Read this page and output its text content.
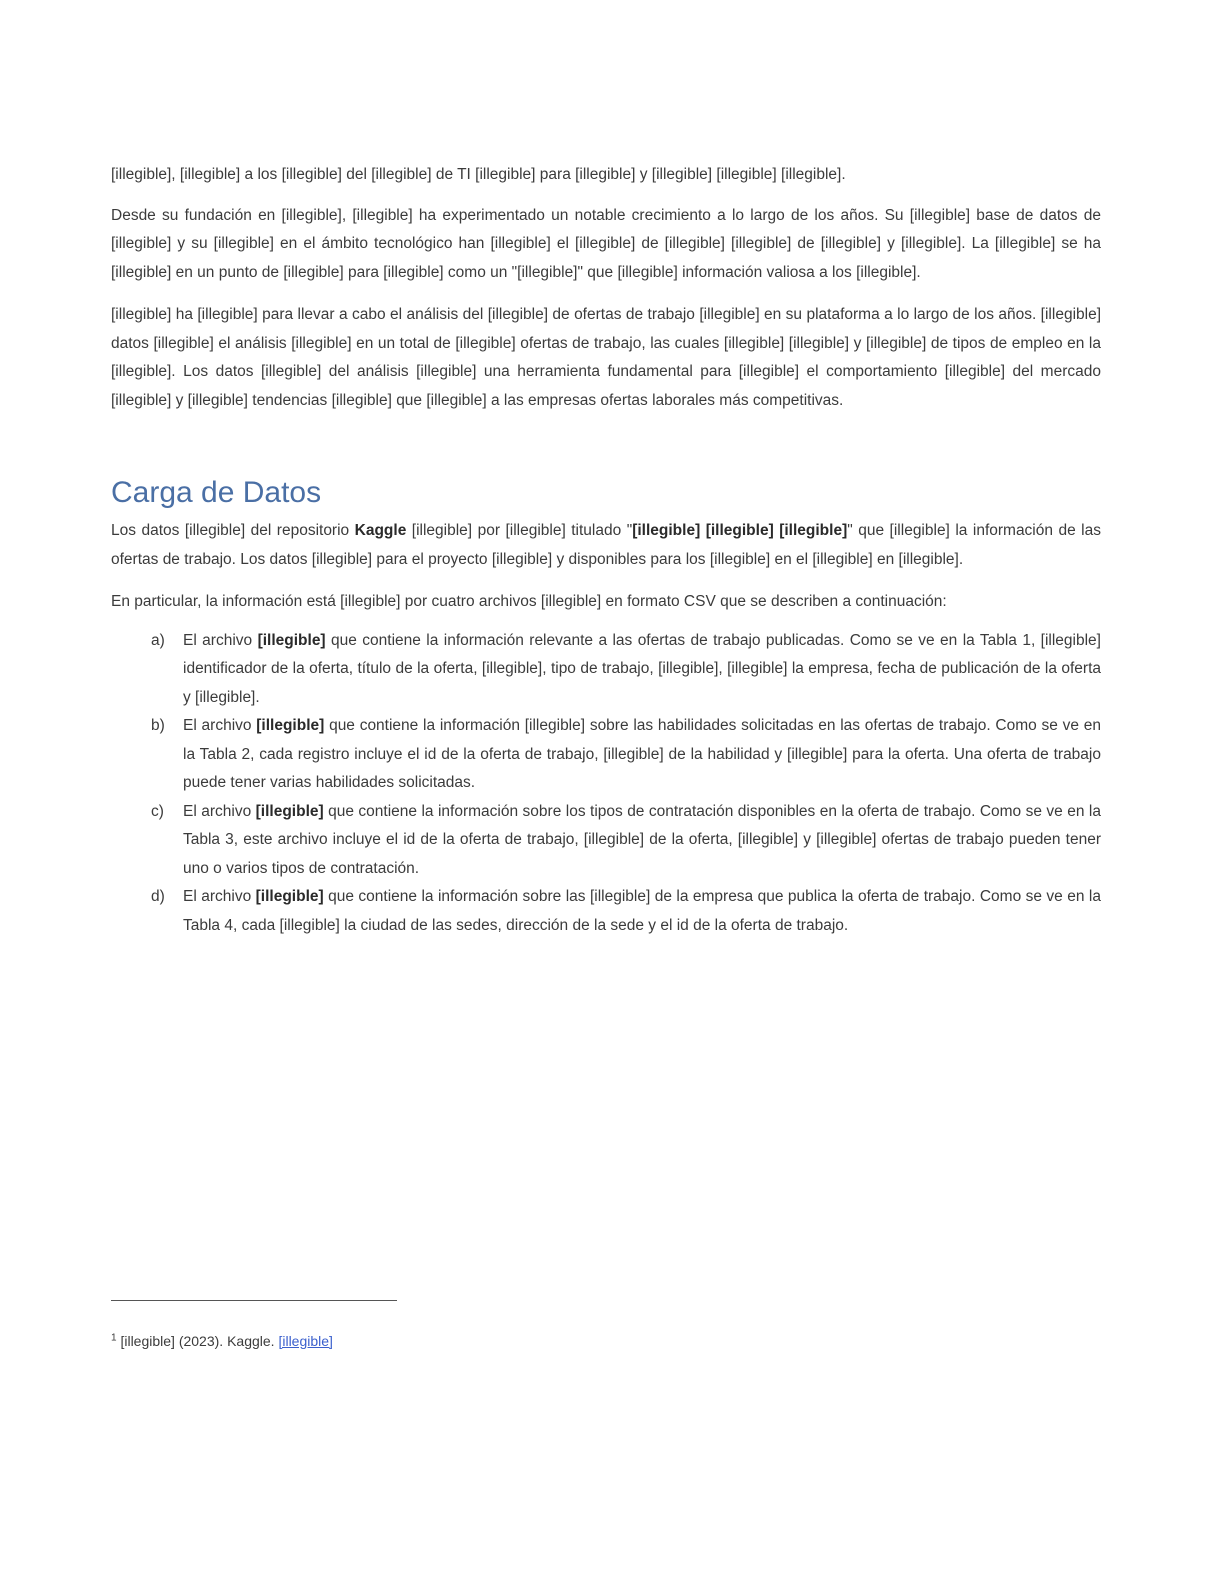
[illegible], [illegible] a los [illegible] del [illegible] de TI [illegible] para [illegible] y [illegible] [illegible] [illegible].

Desde su fundación en [illegible], [illegible] ha experimentado un notable crecimiento a lo largo de los años. Su [illegible] base de datos de [illegible] y su [illegible] en el ámbito tecnológico han [illegible] el [illegible] de [illegible] [illegible] de [illegible] y [illegible]. La [illegible] se ha [illegible] en un punto de [illegible] para [illegible] como un "[illegible]" que [illegible] información valiosa a los [illegible].

[illegible] ha [illegible] para llevar a cabo el análisis del [illegible] de ofertas de trabajo [illegible] en su plataforma a lo largo de los años. [illegible] datos [illegible] el análisis [illegible] en un total de [illegible] ofertas de trabajo, las cuales [illegible] [illegible] y [illegible] de tipos de empleo en la [illegible]. Los datos [illegible] del análisis [illegible] una herramienta fundamental para [illegible] el comportamiento [illegible] del mercado [illegible] y [illegible] tendencias [illegible] que [illegible] a las empresas ofertas laborales más competitivas.

Carga de Datos

Los datos [illegible] del repositorio Kaggle [illegible] por [illegible] titulado "[illegible] [illegible] [illegible]" que [illegible] la información de las ofertas de trabajo. Los datos [illegible] para el proyecto [illegible] y disponibles para los [illegible] en el [illegible] en [illegible].

En particular, la información está [illegible] por cuatro archivos [illegible] en formato CSV que se describen a continuación:

a) El archivo [illegible] que contiene la información relevante a las ofertas de trabajo publicadas. Como se ve en la Tabla 1, [illegible] identificador de la oferta, título de la oferta, [illegible], tipo de trabajo, [illegible], [illegible] la empresa, fecha de publicación de la oferta y [illegible].
b) El archivo [illegible] que contiene la información [illegible] sobre las habilidades solicitadas en las ofertas de trabajo. Como se ve en la Tabla 2, cada registro incluye el id de la oferta de trabajo, [illegible] de la habilidad y [illegible] para la oferta. Una oferta de trabajo puede tener varias habilidades solicitadas.
c) El archivo [illegible] que contiene la información sobre los tipos de contratación disponibles en la oferta de trabajo. Como se ve en la Tabla 3, este archivo incluye el id de la oferta de trabajo, [illegible] de la oferta, [illegible] y [illegible] ofertas de trabajo pueden tener uno o varios tipos de contratación.
d) El archivo [illegible] que contiene la información sobre las [illegible] de la empresa que publica la oferta de trabajo. Como se ve en la Tabla 4, cada [illegible] la ciudad de las sedes, dirección de la sede y el id de la oferta de trabajo.
$^1$ [illegible] (2023). Kaggle. [illegible]
